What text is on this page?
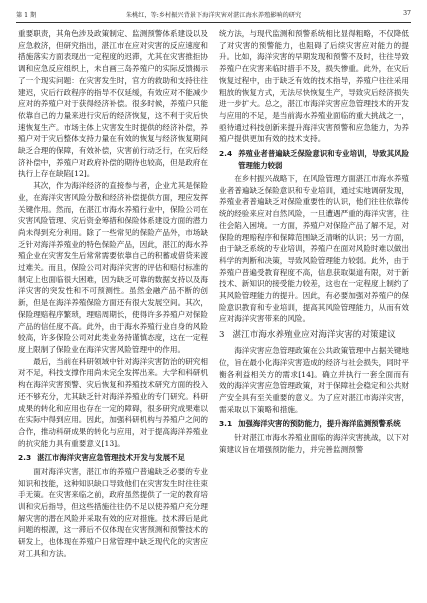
第 1 期	朱桃红，等:乡村振兴背景下海洋灾害对湛江海水养殖影响的研究	37

重要职责，其角色涉及政策制定、监测预警体系建设以及应急救济，但研究指出，湛江市在应对灾害的反应速度和措施落实方面表现出一定程度的迟滞，尤其在灾害推拒协调和应急反应组织上，未自画三岛养殖户的实际反馈揭示了一个现实问题：在灾害发生时，官方的救助和支持往往建迟，灾后行政程序的指导不仅延缓，有效应对不能减少应对的养殖户对于获得经济补偿。很多时候，养殖户只能依靠自己的力量来进行灾后的经济恢复，这不利于灾后快速恢复生产。市场主体上灾害发生时提供的经济补偿，养殖户对于灾后整体支持力量在有效的恢复与经济恢复期间缺乏合理的保障，有效补偿，灾害前行动乏行，在灾后经济补偿中，养殖户对政府补偿的期待也较高，但是政府在执行上存在缺陷[12]。

其次，作为海洋经济的直接参与者，企业尤其是保险业，在海洋灾害风险分散和经济补偿提供方面，理应发挥关键作用。然而，在湛江市海水养殖行业中，保险公司在灾害风险管理、灾后资金筹措和保险体系建设方面的潜力尚未得到充分利用。除了一些常见的保险产品外，市场缺乏针对海洋养殖业的特色保险产品，因此，湛江的海水养殖企业在灾害发生后常常需要依靠自己的积蓄或借贷来渡过难关。而且，保险公司对海洋灾害的评估和赔付标准的制定上也面临很大困难，因为缺乏可靠的数据支持以及海洋灾害的突发性和不可预测性。虽然金融产品不断的创新，但是在海洋养殖保险方面还有很大发展空间。其次，保险理赔程序繁琐，理赔周期长，使得许多养殖户对保险产品的信任度不高。此外，由于海水养殖行业自身的风险较高，许多保险公司对此类业务持谨慎态度，这在一定程度上限制了保险业在海洋灾害风险管理中的作用。

最后，当前在科研领域中针对海洋灾害防治的研究相对不足，科技支撑作用尚未完全发挥出来。大学和科研机构在海洋灾害预警、灾后恢复和养殖技术研究方面的投入还不够充分，尤其缺乏针对海洋养殖业的专门研究。科研成果的转化和应用也存在一定的障碍，很多研究成果难以在实际中得到应用。因此，加强科研机构与养殖户之间的合作，推动科研成果的转化与应用，对于提高海洋养殖业的抗灾能力具有重要意义[13]。

2.3 湛江市海洋灾害应急管理技术开发与发展不足

面对海洋灾害，湛江市的养殖户普遍缺乏必要的专业知识和技能，这种知识缺口导致他们在灾害发生时往往束手无策。在灾害来临之前，政府虽然提供了一定的教育培训和灾后指导，但这些措施往往仍不足以使养殖户充分理解灾害的潜在风险并采取有效的应对措施。技术滞后是此问题的根源，这一滞后不仅体现在灾害预测和预警技术的研发上，也体现在养殖户日常管理中缺乏现代化的灾害应对工具和方法。

统方法，与现代监测和预警系统相比显得粗略，不仅降低了对灾害的预警能力，也阻碍了后续灾害应对能力的提升。比如，海洋灾害的早期发现和预警不及时，往往导致养殖户在灾害来临时措手不及，损失惨重。此外，在灾后恢复过程中，由于缺乏有效的技术指导，养殖户往往采用粗放的恢复方式，无法尽快恢复生产，导致灾后经济损失进一步扩大。总之，湛江市海洋灾害应急管理技术的开发与应用的不足，是当前海水养殖业面临的重大挑战之一，亟待通过科技创新来提升海洋灾害预警和应急能力，为养殖户提供更加有效的技术支持。

2.4 养殖业者普遍缺乏保险意识和专业培训，导致其风险管理能力较弱

在乡村振兴战略下，在风险管理方面湛江市海水养殖业者普遍缺乏保险意识和专业培训，通过实地调研发现，养殖业者普遍缺乏对保险重要性的认识，他们往往依靠传统的经验来应对自然风险，一旦遭遇严重的海洋灾害，往往会陷入困境。一方面，养殖户对保险产品了解不足，对保险的理赔程序和保障范围缺乏清晰的认识；另一方面，由于缺乏系统的专业培训，养殖户在面对风险时难以做出科学的判断和决策，导致风险管理能力较弱。此外，由于养殖户普遍受教育程度不高，信息获取渠道有限，对于新技术、新知识的接受能力较差，这也在一定程度上制约了其风险管理能力的提升。因此，有必要加强对养殖户的保险意识教育和专业培训，提高其风险管理能力，从而有效应对海洋灾害带来的风险。

3 湛江市海水养殖业应对海洋灾害的对策建议

海洋灾害应急管理政策在公共政策管理中占据关键地位，旨在最小化海洋灾害造成的经济与社会损失，同时平衡各利益相关方的需求[14]。确立并执行一套全面而有效的海洋灾害应急管理政策，对于保障社会稳定和公共财产安全具有至关重要的意义。为了应对湛江市海洋灾害，需采取以下策略和措施。

3.1 加强海洋灾害的预防能力，提升海洋监测预警系统

针对湛江市海水养殖业面临的海洋灾害挑战，以下对策建议旨在增强预防能力，并完善监测预警
